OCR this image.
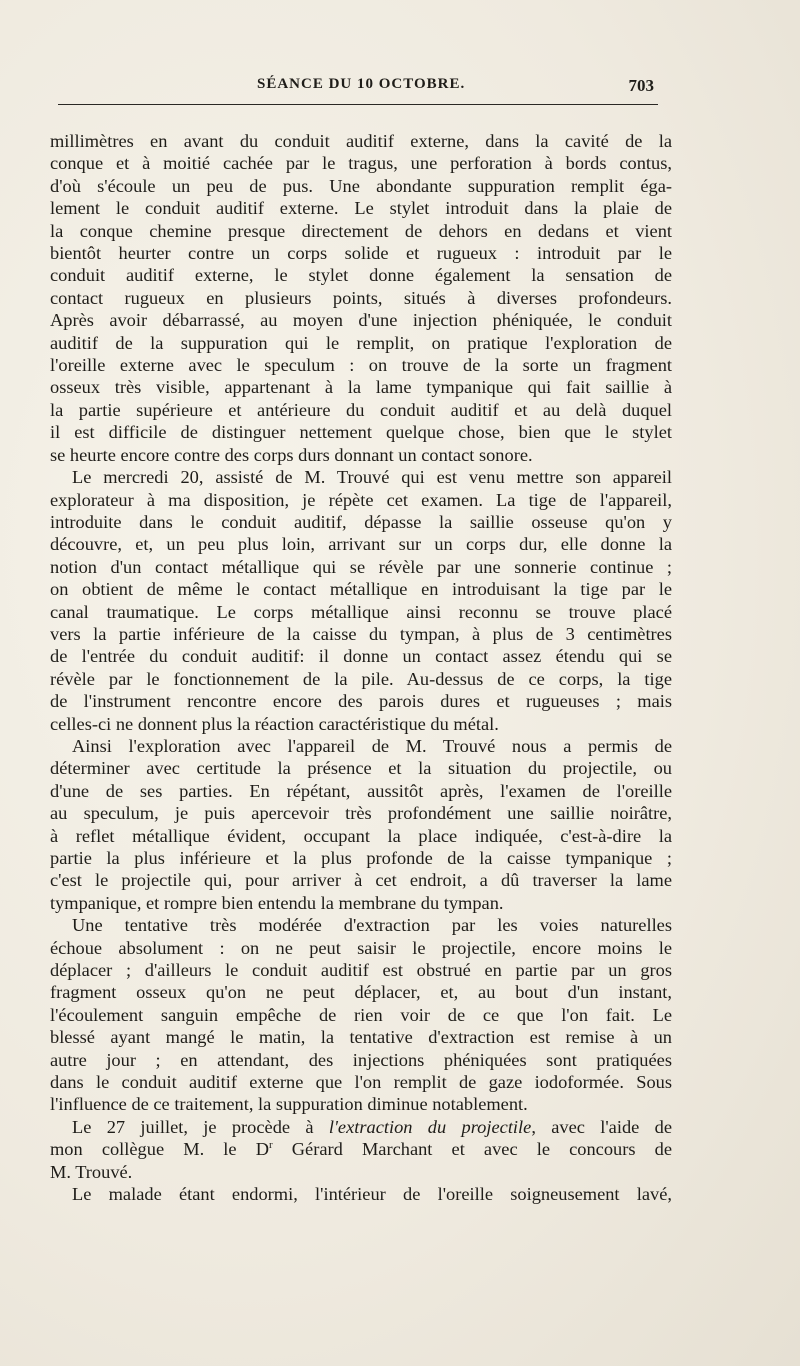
SÉANCE DU 10 OCTOBRE.	703

millimètres en avant du conduit auditif externe, dans la cavité de la

conque et à moitié cachée par le tragus, une perforation à bords contus,

d'où s'écoule un peu de pus. Une abondante suppuration remplit éga-

lement le conduit auditif externe. Le stylet introduit dans la plaie de

la conque chemine presque directement de dehors en dedans et vient

bientôt heurter contre un corps solide et rugueux : introduit par le

conduit auditif externe, le stylet donne également la sensation de

contact rugueux en plusieurs points, situés à diverses profondeurs.

Après avoir débarrassé, au moyen d'une injection phéniquée, le conduit

auditif de la suppuration qui le remplit, on pratique l'exploration de

l'oreille externe avec le speculum : on trouve de la sorte un fragment

osseux très visible, appartenant à la lame tympanique qui fait saillie à

la partie supérieure et antérieure du conduit auditif et au delà duquel

il est difficile de distinguer nettement quelque chose, bien que le stylet

se heurte encore contre des corps durs donnant un contact sonore.

Le mercredi 20, assisté de M. Trouvé qui est venu mettre son appareil

explorateur à ma disposition, je répète cet examen. La tige de l'appareil,

introduite dans le conduit auditif, dépasse la saillie osseuse qu'on y

découvre, et, un peu plus loin, arrivant sur un corps dur, elle donne la

notion d'un contact métallique qui se révèle par une sonnerie continue ;

on obtient de même le contact métallique en introduisant la tige par le

canal traumatique. Le corps métallique ainsi reconnu se trouve placé

vers la partie inférieure de la caisse du tympan, à plus de 3 centimètres

de l'entrée du conduit auditif: il donne un contact assez étendu qui se

révèle par le fonctionnement de la pile. Au-dessus de ce corps, la tige

de l'instrument rencontre encore des parois dures et rugueuses ; mais

celles-ci ne donnent plus la réaction caractéristique du métal.

Ainsi l'exploration avec l'appareil de M. Trouvé nous a permis de

déterminer avec certitude la présence et la situation du projectile, ou

d'une de ses parties. En répétant, aussitôt après, l'examen de l'oreille

au speculum, je puis apercevoir très profondément une saillie noirâtre,

à reflet métallique évident, occupant la place indiquée, c'est-à-dire la

partie la plus inférieure et la plus profonde de la caisse tympanique ;

c'est le projectile qui, pour arriver à cet endroit, a dû traverser la lame

tympanique, et rompre bien entendu la membrane du tympan.

Une tentative très modérée d'extraction par les voies naturelles

échoue absolument : on ne peut saisir le projectile, encore moins le

déplacer ; d'ailleurs le conduit auditif est obstrué en partie par un gros

fragment osseux qu'on ne peut déplacer, et, au bout d'un instant,

l'écoulement sanguin empêche de rien voir de ce que l'on fait. Le

blessé ayant mangé le matin, la tentative d'extraction est remise à un

autre jour ; en attendant, des injections phéniquées sont pratiquées

dans le conduit auditif externe que l'on remplit de gaze iodoformée. Sous

l'influence de ce traitement, la suppuration diminue notablement.

Le 27 juillet, je procède à l'extraction du projectile, avec l'aide de

mon collègue M. le $D^r$ Gérard Marchant et avec le concours de

M. Trouvé.

Le malade étant endormi, l'intérieur de l'oreille soigneusement lavé,
